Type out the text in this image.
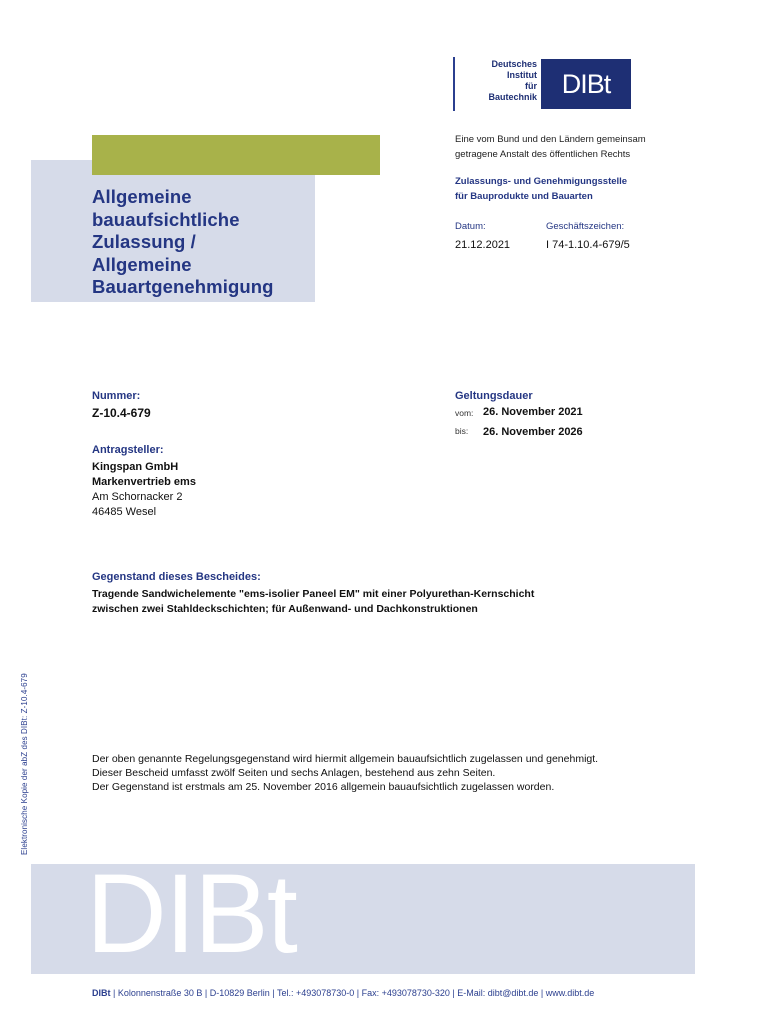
Deutsches
Institut
für
Bautechnik DIBt
Eine vom Bund und den Ländern gemeinsam
getragene Anstalt des öffentlichen Rechts
Zulassungs- und Genehmigungsstelle
für Bauprodukte und Bauarten
Datum:
21.12.2021
Geschäftszeichen:
I 74-1.10.4-679/5
Allgemeine
bauaufsichtliche
Zulassung /
Allgemeine
Bauartgenehmigung
Nummer:
Z-10.4-679
Geltungsdauer
vom: 26. November 2021
bis: 26. November 2026
Antragsteller:
Kingspan GmbH
Markenvertrieb ems
Am Schornacker 2
46485 Wesel
Gegenstand dieses Bescheides:
Tragende Sandwichelemente "ems-isolier Paneel EM" mit einer Polyurethan-Kernschicht
zwischen zwei Stahldeckschichten; für Außenwand- und Dachkonstruktionen
Der oben genannte Regelungsgegenstand wird hiermit allgemein bauaufsichtlich zugelassen und genehmigt.
Dieser Bescheid umfasst zwölf Seiten und sechs Anlagen, bestehend aus zehn Seiten.
Der Gegenstand ist erstmals am 25. November 2016 allgemein bauaufsichtlich zugelassen worden.
Elektronische Kopie der abZ des DIBt: Z-10.4-679
DIBt
DIBt | Kolonnenstraße 30 B | D-10829 Berlin | Tel.: +493078730-0 | Fax: +493078730-320 | E-Mail: dibt@dibt.de | www.dibt.de
